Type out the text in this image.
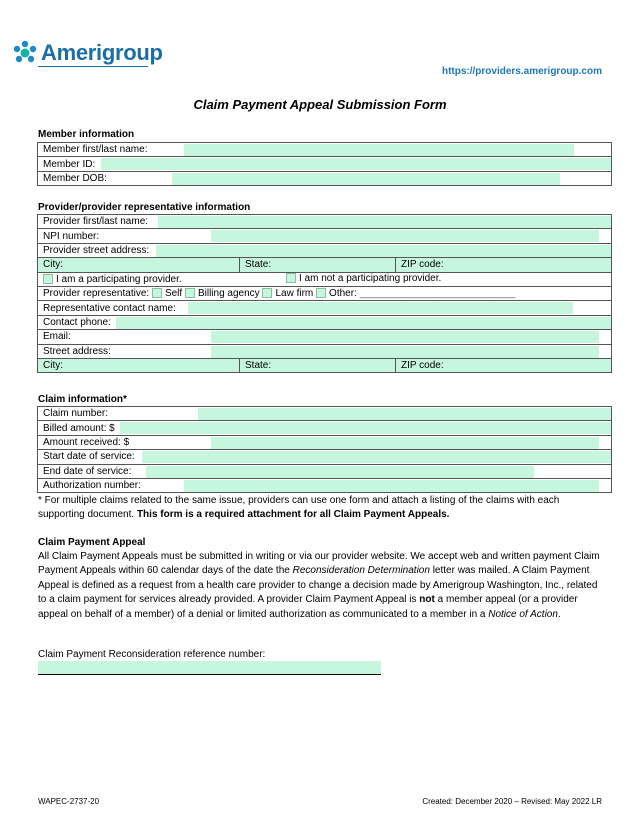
Amerigroup
https://providers.amerigroup.com
Claim Payment Appeal Submission Form
Member information
Member first/last name:

Member ID:

Member DOB:
Provider/provider representative information
Provider first/last name:		

NPI number:		

Provider street address:		

City:	State:	ZIP code:
I am a participating provider. I am not a participating provider.		

Provider representative: Self Billing agency Law firm Other: ____________________________		
Representative contact name:		

Contact phone:		

Email:		

Street address:		

City:	State:	ZIP code:
Claim information*
Claim number:

Billed amount: $

Amount received: $

Start date of service:

End date of service:

Authorization number:
* For multiple claims related to the same issue, providers can use one form and attach a listing of the claims with each supporting document. This form is a required attachment for all Claim Payment Appeals.
Claim Payment Appeal
All Claim Payment Appeals must be submitted in writing or via our provider website. We accept web and written payment Claim Payment Appeals within 60 calendar days of the date the Reconsideration Determination letter was mailed. A Claim Payment Appeal is defined as a request from a health care provider to change a decision made by Amerigroup Washington, Inc., related to a claim payment for services already provided. A provider Claim Payment Appeal is not a member appeal (or a provider appeal on behalf of a member) of a denial or limited authorization as communicated to a member in a Notice of Action.
Claim Payment Reconsideration reference number:
WAPEC-2737-20	Created: December 2020 – Revised: May 2022 LR
